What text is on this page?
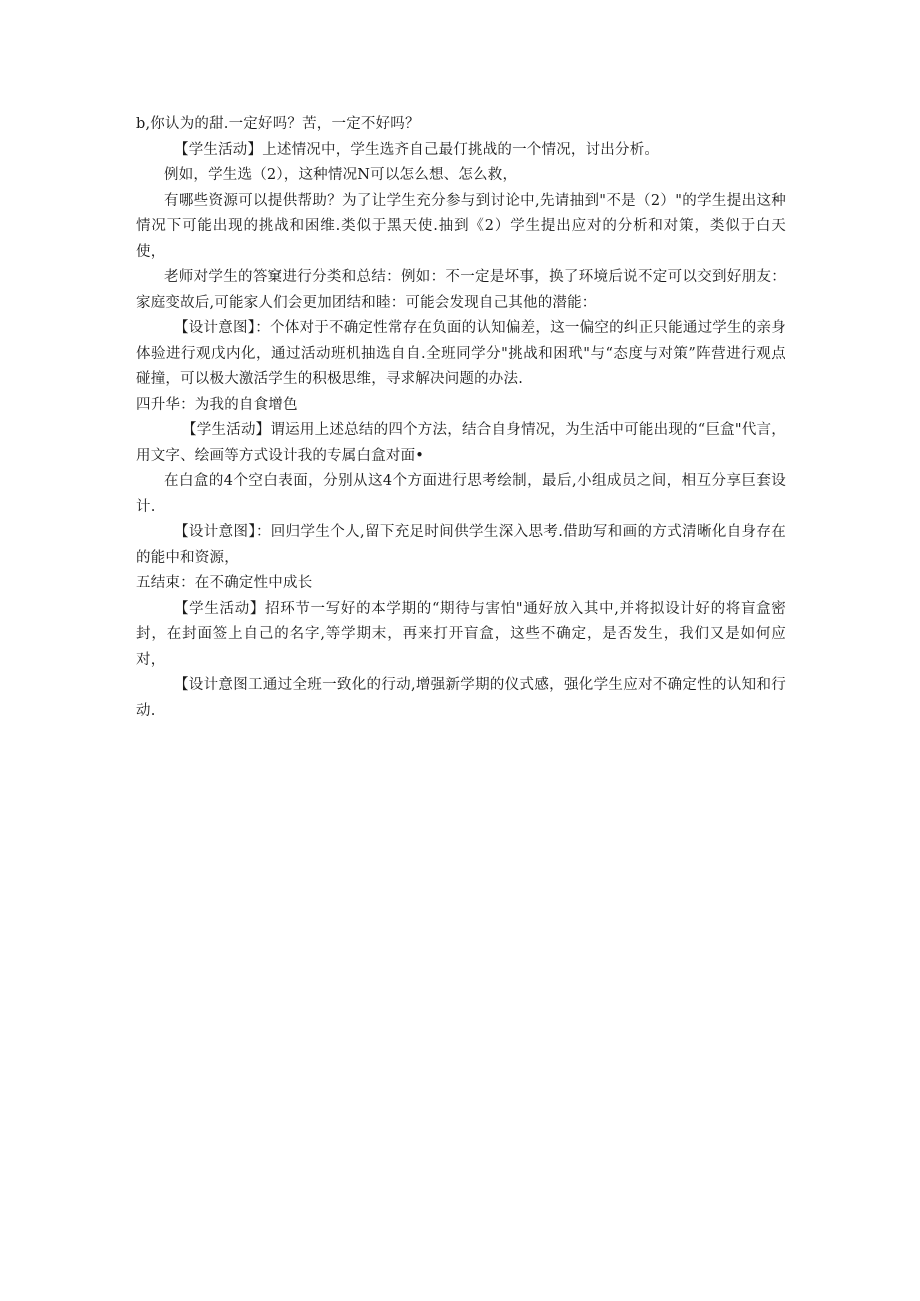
b,你认为的甜.一定好吗？苦，一定不好吗？

【学生活动】上述情况中，学生选齐自己最仃挑战的一个情况，讨出分析。

例如，学生选（2），这种情况N可以怎么想、怎么救，

有哪些资源可以提供帮助？为了让学生充分参与到讨论中,先请抽到"不是（2）"的学生提出这种情况下可能出现的挑战和困维.类似于黑天使.抽到《2）学生提出应对的分析和对策，类似于白天使，

老师对学生的答窠进行分类和总结：例如：不一定是坏事，换了环境后说不定可以交到好朋友：家庭变故后,可能家人们会更加团结和睦：可能会发现自己其他的潜能：

【设计意图】：个体对于不确定性常存在负面的认知偏差，这一偏空的纠正只能通过学生的亲身体验进行观戊内化，通过活动班机抽选自自.全班同学分"挑战和困玳"与“态度与对策”阵营进行观点碰撞，可以极大激活学生的积极思维，寻求解决问题的办法.

四升华：为我的自食增色

【学生活动】谓运用上述总结的四个方法，结合自身情况，为生活中可能出现的“巨盒"代言，用文字、绘画等方式设计我的专属白盒对面•

在白盒的4个空白表面，分别从这4个方面进行思考绘制，最后,小组成员之间，相互分享巨套设计.

【设计意图】：回归学生个人,留下充足时间供学生深入思考.借助写和画的方式清晰化自身存在的能中和资源，

五结束：在不确定性中成长

【学生活动】招环节一写好的本学期的“期待与害怕"通好放入其中,并将拟设计好的将盲盒密封，在封面签上自己的名字,等学期末，再来打开盲盒，这些不确定，是否发生，我们又是如何应对，

【设计意图工通过全班一致化的行动,增强新学期的仪式感，强化学生应对不确定性的认知和行动.
